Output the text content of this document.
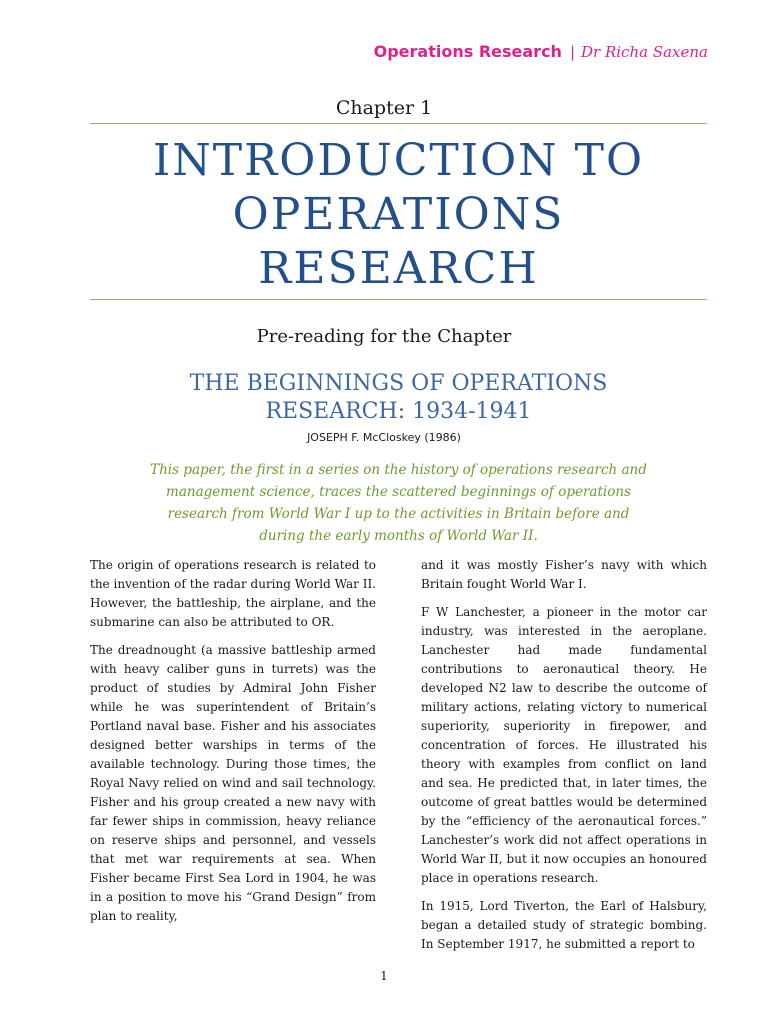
Operations Research | Dr Richa Saxena
Chapter 1
INTRODUCTION TO
OPERATIONS
RESEARCH
Pre-reading for the Chapter
THE BEGINNINGS OF OPERATIONS
RESEARCH: 1934-1941
JOSEPH F. McCloskey (1986)
This paper, the first in a series on the history of operations research and
management science, traces the scattered beginnings of operations
research from World War I up to the activities in Britain before and
during the early months of World War II.

The origin of operations research is related to the invention of the radar during World War II. However, the battleship, the airplane, and the submarine can also be attributed to OR.

The dreadnought (a massive battleship armed with heavy caliber guns in turrets) was the product of studies by Admiral John Fisher while he was superintendent of Britain’s Portland naval base. Fisher and his associates designed better warships in terms of the available technology. During those times, the Royal Navy relied on wind and sail technology. Fisher and his group created a new navy with far fewer ships in commission, heavy reliance on reserve ships and personnel, and vessels that met war requirements at sea. When Fisher became First Sea Lord in 1904, he was in a position to move his “Grand Design” from plan to reality,

and it was mostly Fisher’s navy with which Britain fought World War I.

F W Lanchester, a pioneer in the motor car industry, was interested in the aeroplane. Lanchester had made fundamental contributions to aeronautical theory. He developed N2 law to describe the outcome of military actions, relating victory to numerical superiority, superiority in firepower, and concentration of forces. He illustrated his theory with examples from conflict on land and sea. He predicted that, in later times, the outcome of great battles would be determined by the “efficiency of the aeronautical forces.” Lanchester’s work did not affect operations in World War II, but it now occupies an honoured place in operations research.

In 1915, Lord Tiverton, the Earl of Halsbury, began a detailed study of strategic bombing. In September 1917, he submitted a report to

1
